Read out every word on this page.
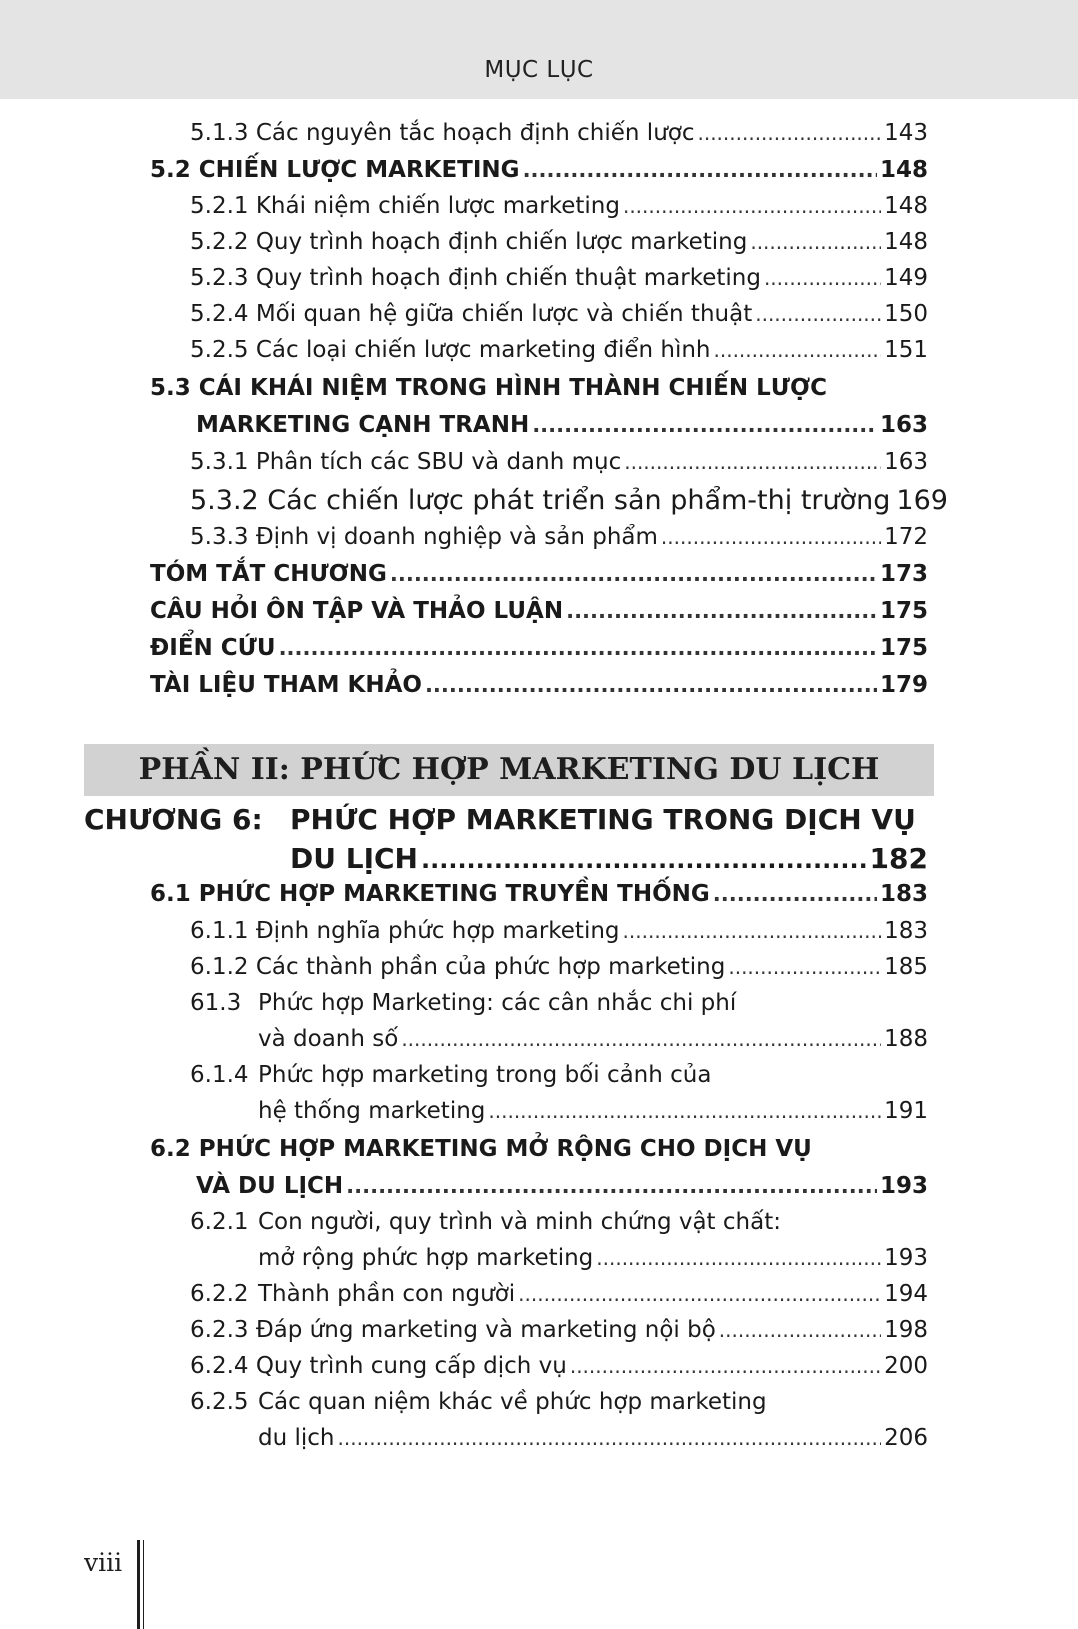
MỤC LỤC
5.1.3 Các nguyên tắc hoạch định chiến lược .....	143
5.2 CHIẾN LƯỢC MARKETING .....	148
5.2.1 Khái niệm chiến lược marketing .....	148
5.2.2 Quy trình hoạch định chiến lược marketing .....	148
5.2.3 Quy trình hoạch định chiến thuật marketing .....	149
5.2.4 Mối quan hệ giữa chiến lược và chiến thuật .....	150
5.2.5 Các loại chiến lược marketing điển hình .....	151
5.3 CÁI KHÁI NIỆM TRONG HÌNH THÀNH CHIẾN LƯỢC
MARKETING CẠNH TRANH .....	163
5.3.1 Phân tích các SBU và danh mục .....	163
5.3.2 Các chiến lược phát triển sản phẩm-thị trường 169
5.3.3 Định vị doanh nghiệp và sản phẩm .....	172
TÓM TẮT CHƯƠNG .....	173
CÂU HỎI ÔN TẬP VÀ THẢO LUẬN .....	175
ĐIỂN CỨU .....	175
TÀI LIỆU THAM KHẢO .....	179
PHẦN II: PHỨC HỢP MARKETING DU LỊCH
CHƯƠNG 6: PHỨC HỢP MARKETING TRONG DỊCH VỤ
DU LỊCH .....	182
6.1 PHỨC HỢP MARKETING TRUYỀN THỐNG .....	183
6.1.1 Định nghĩa phức hợp marketing .....	183
6.1.2 Các thành phần của phức hợp marketing .....	185
61.3 Phức hợp Marketing: các cân nhắc chi phí
và doanh số .....	188
6.1.4 Phức hợp marketing trong bối cảnh của
hệ thống marketing .....	191
6.2 PHỨC HỢP MARKETING MỞ RỘNG CHO DỊCH VỤ
VÀ DU LỊCH .....	193
6.2.1 Con người, quy trình và minh chứng vật chất:
mở rộng phức hợp marketing .....	193
6.2.2 Thành phần con người .....	194
6.2.3 Đáp ứng marketing và marketing nội bộ .....	198
6.2.4 Quy trình cung cấp dịch vụ .....	200
6.2.5 Các quan niệm khác về phức hợp marketing
du lịch .....	206
viii
